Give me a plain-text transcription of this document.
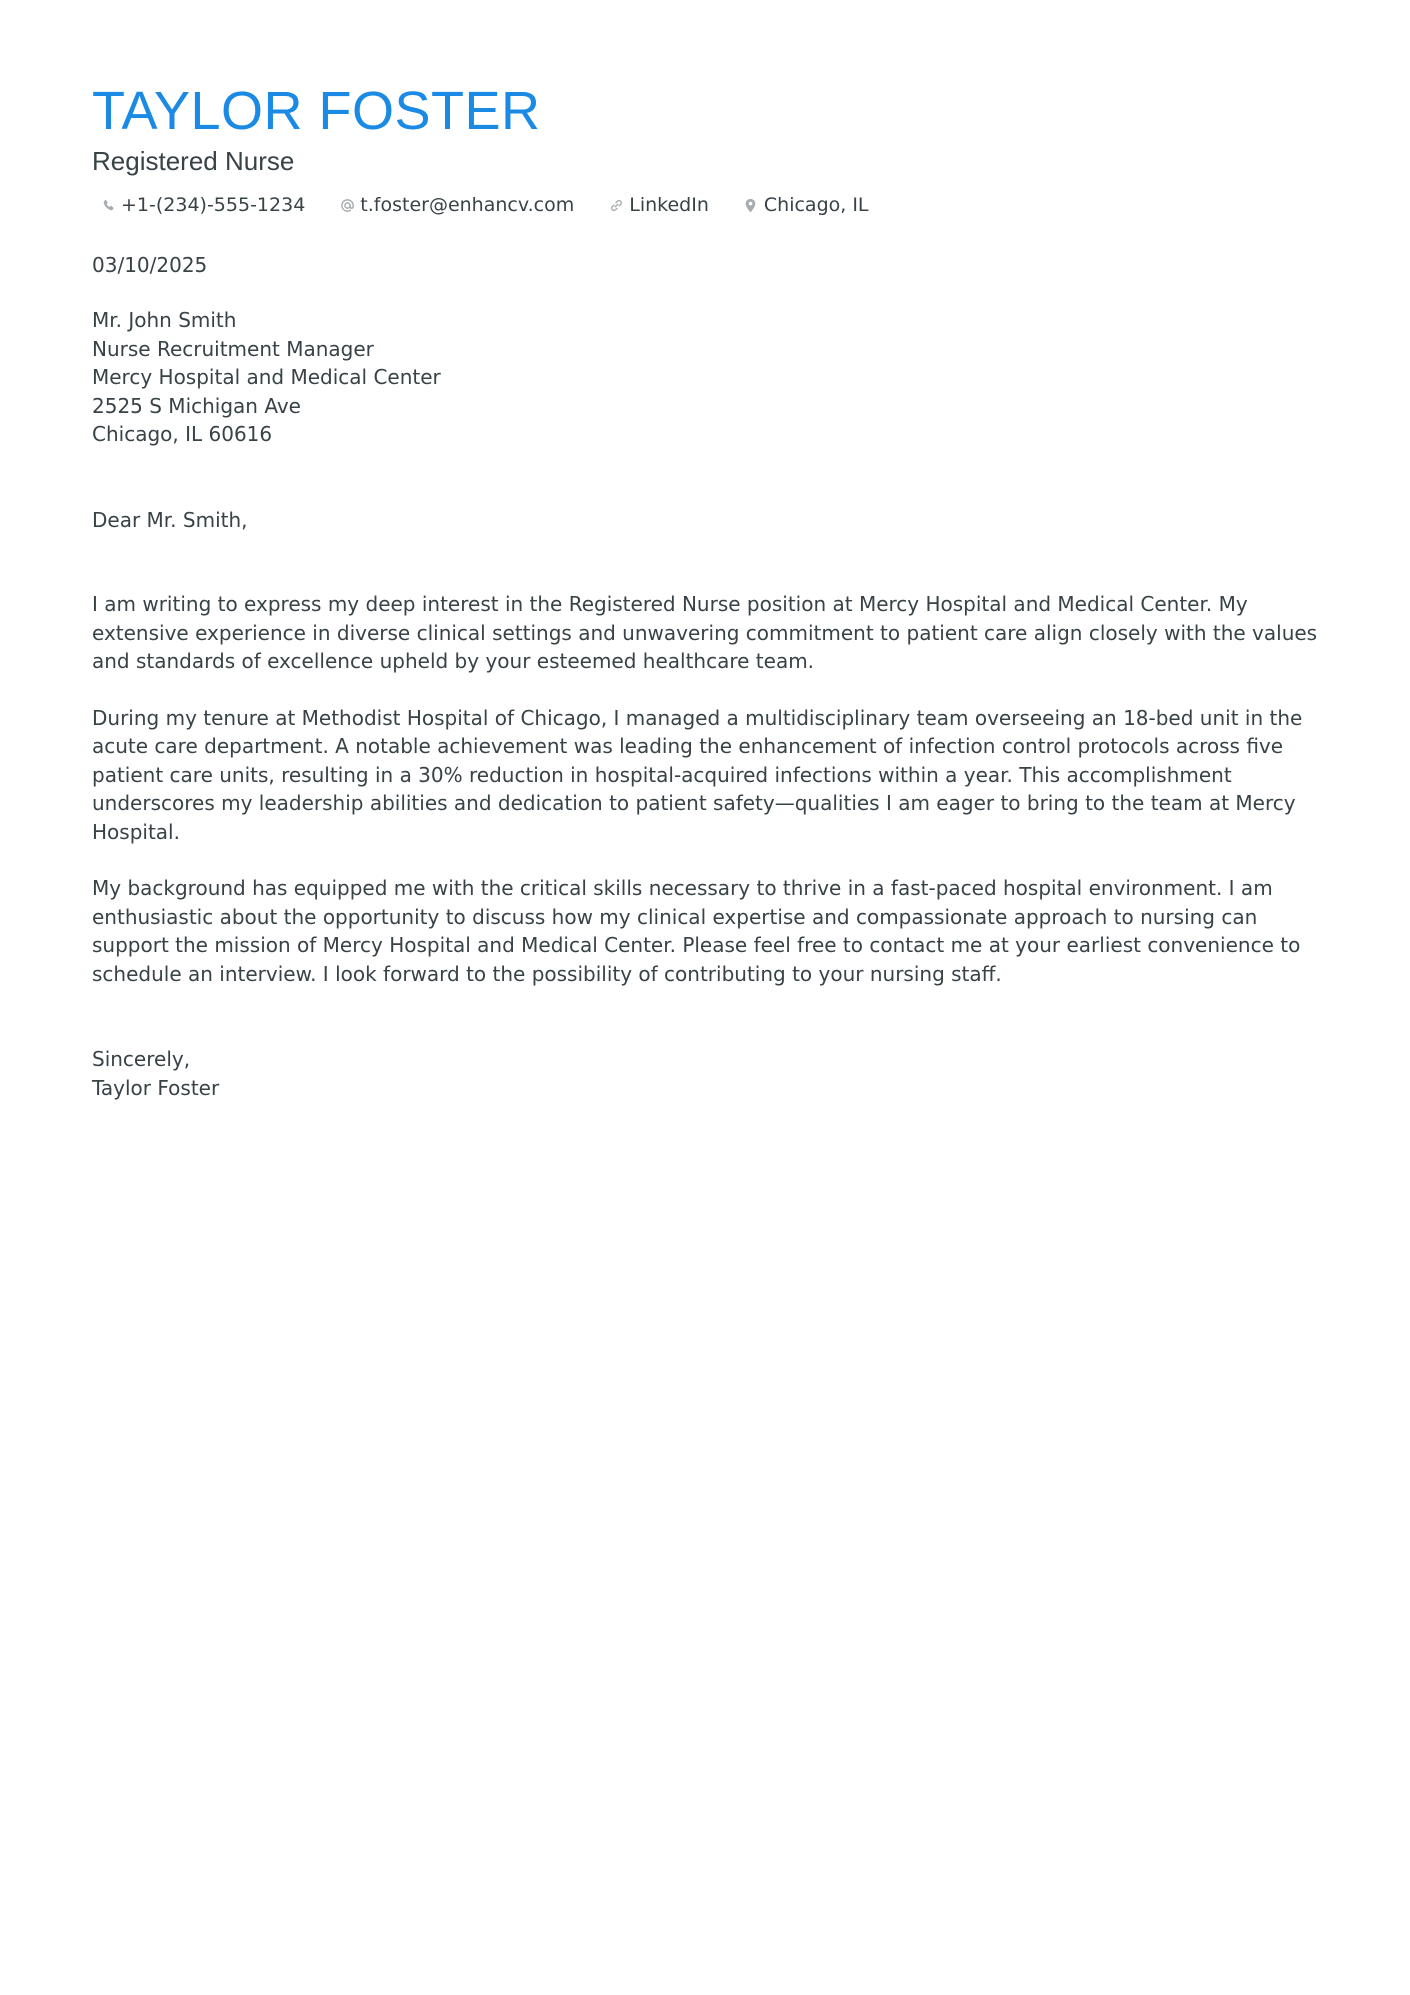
TAYLOR FOSTER
Registered Nurse
+1-(234)-555-1234	t.foster@enhancv.com	LinkedIn	Chicago, IL
03/10/2025
Mr. John Smith
Nurse Recruitment Manager
Mercy Hospital and Medical Center
2525 S Michigan Ave
Chicago, IL 60616
Dear Mr. Smith,

I am writing to express my deep interest in the Registered Nurse position at Mercy Hospital and Medical Center. My extensive experience in diverse clinical settings and unwavering commitment to patient care align closely with the values and standards of excellence upheld by your esteemed healthcare team.

During my tenure at Methodist Hospital of Chicago, I managed a multidisciplinary team overseeing an 18-bed unit in the acute care department. A notable achievement was leading the enhancement of infection control protocols across five patient care units, resulting in a 30% reduction in hospital-acquired infections within a year. This accomplishment underscores my leadership abilities and dedication to patient safety—qualities I am eager to bring to the team at Mercy Hospital.

My background has equipped me with the critical skills necessary to thrive in a fast-paced hospital environment. I am enthusiastic about the opportunity to discuss how my clinical expertise and compassionate approach to nursing can support the mission of Mercy Hospital and Medical Center. Please feel free to contact me at your earliest convenience to schedule an interview. I look forward to the possibility of contributing to your nursing staff.

Sincerely,
Taylor Foster
